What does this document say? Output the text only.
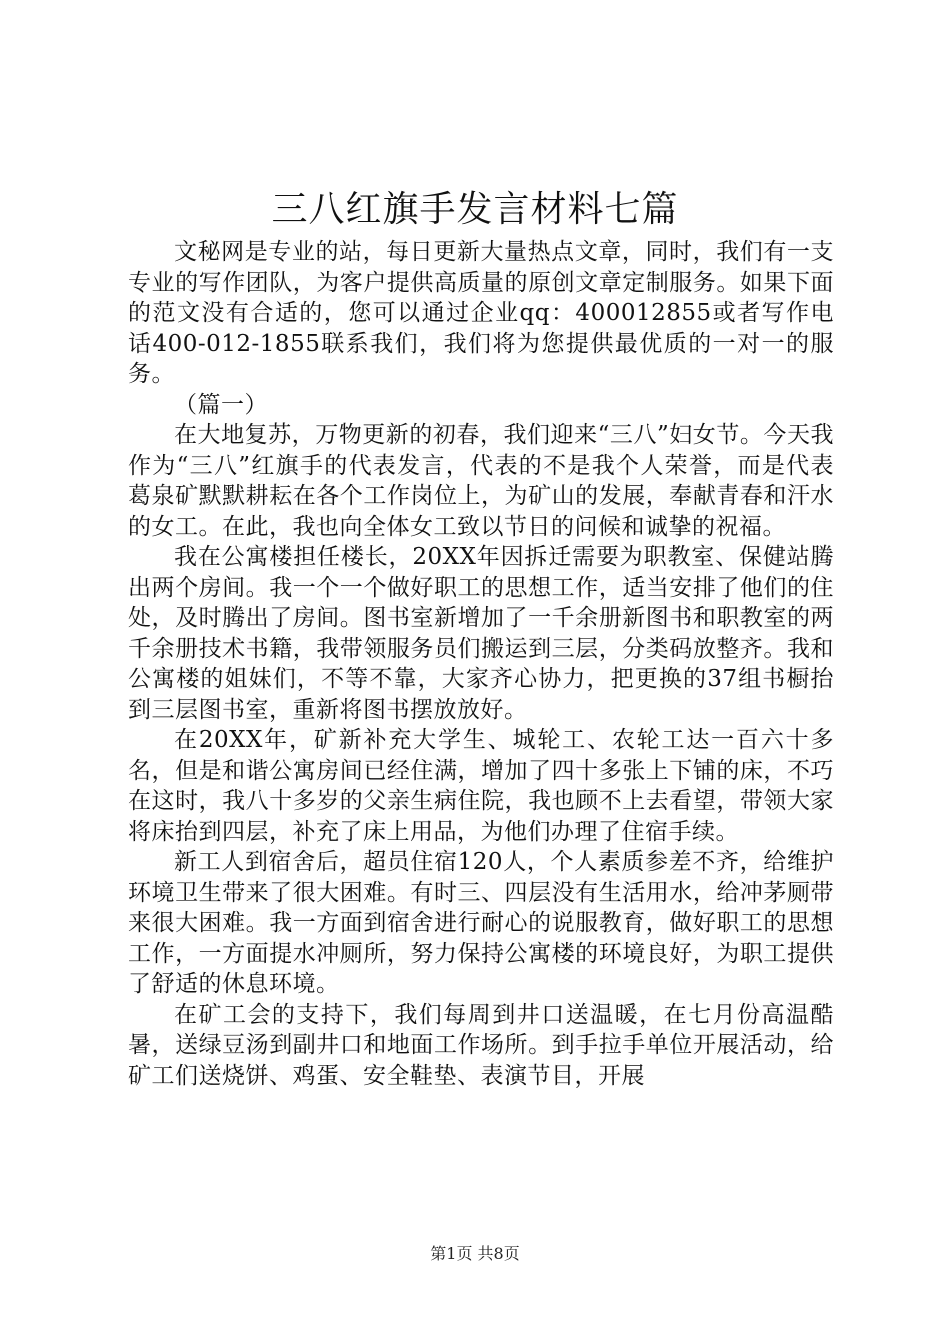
三八红旗手发言材料七篇

文秘网是专业的站，每日更新大量热点文章，同时，我们有一支专业的写作团队，为客户提供高质量的原创文章定制服务。如果下面的范文没有合适的，您可以通过企业qq：400012855或者写作电话400-012-1855联系我们，我们将为您提供最优质的一对一的服务。

（篇一）

在大地复苏，万物更新的初春，我们迎来“三八”妇女节。今天我作为“三八”红旗手的代表发言，代表的不是我个人荣誉，而是代表葛泉矿默默耕耘在各个工作岗位上，为矿山的发展，奉献青春和汗水的女工。在此，我也向全体女工致以节日的问候和诚挚的祝福。

我在公寓楼担任楼长，20XX年因拆迁需要为职教室、保健站腾出两个房间。我一个一个做好职工的思想工作，适当安排了他们的住处，及时腾出了房间。图书室新增加了一千余册新图书和职教室的两千余册技术书籍，我带领服务员们搬运到三层，分类码放整齐。我和公寓楼的姐妹们，不等不靠，大家齐心协力，把更换的37组书橱抬到三层图书室，重新将图书摆放放好。

在20XX年，矿新补充大学生、城轮工、农轮工达一百六十多名，但是和谐公寓房间已经住满，增加了四十多张上下铺的床，不巧在这时，我八十多岁的父亲生病住院，我也顾不上去看望，带领大家将床抬到四层，补充了床上用品，为他们办理了住宿手续。

新工人到宿舍后，超员住宿120人，个人素质参差不齐，给维护环境卫生带来了很大困难。有时三、四层没有生活用水，给冲茅厕带来很大困难。我一方面到宿舍进行耐心的说服教育，做好职工的思想工作，一方面提水冲厕所，努力保持公寓楼的环境良好，为职工提供了舒适的休息环境。

在矿工会的支持下，我们每周到井口送温暖，在七月份高温酷暑，送绿豆汤到副井口和地面工作场所。到手拉手单位开展活动，给矿工们送烧饼、鸡蛋、安全鞋垫、表演节目，开展

第1页 共8页
